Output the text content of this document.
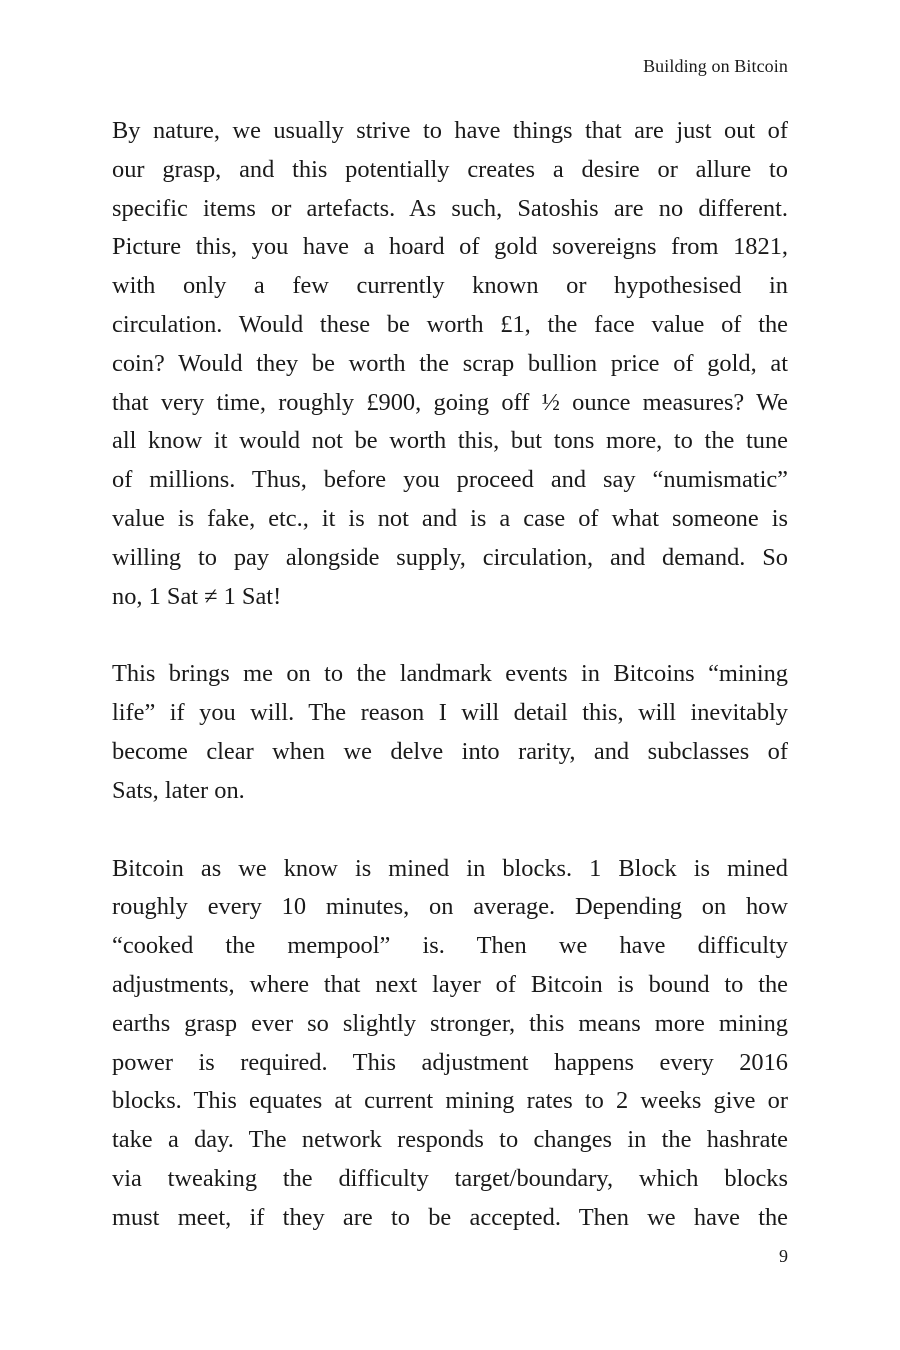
Building on Bitcoin

By nature, we usually strive to have things that are just out of
our grasp, and this potentially creates a desire or allure to
specific items or artefacts. As such, Satoshis are no different.
Picture this, you have a hoard of gold sovereigns from 1821,
with only a few currently known or hypothesised in
circulation. Would these be worth £1, the face value of the
coin? Would they be worth the scrap bullion price of gold, at
that very time, roughly £900, going off ½ ounce measures? We
all know it would not be worth this, but tons more, to the tune
of millions. Thus, before you proceed and say “numismatic”
value is fake, etc., it is not and is a case of what someone is
willing to pay alongside supply, circulation, and demand. So
no, 1 Sat ≠ 1 Sat!

This brings me on to the landmark events in Bitcoins “mining
life” if you will. The reason I will detail this, will inevitably
become clear when we delve into rarity, and subclasses of
Sats, later on.

Bitcoin as we know is mined in blocks. 1 Block is mined
roughly every 10 minutes, on average. Depending on how
“cooked the mempool” is. Then we have difficulty
adjustments, where that next layer of Bitcoin is bound to the
earths grasp ever so slightly stronger, this means more mining
power is required. This adjustment happens every 2016
blocks. This equates at current mining rates to 2 weeks give or
take a day. The network responds to changes in the hashrate
via tweaking the difficulty target/boundary, which blocks
must meet, if they are to be accepted. Then we have the

9
